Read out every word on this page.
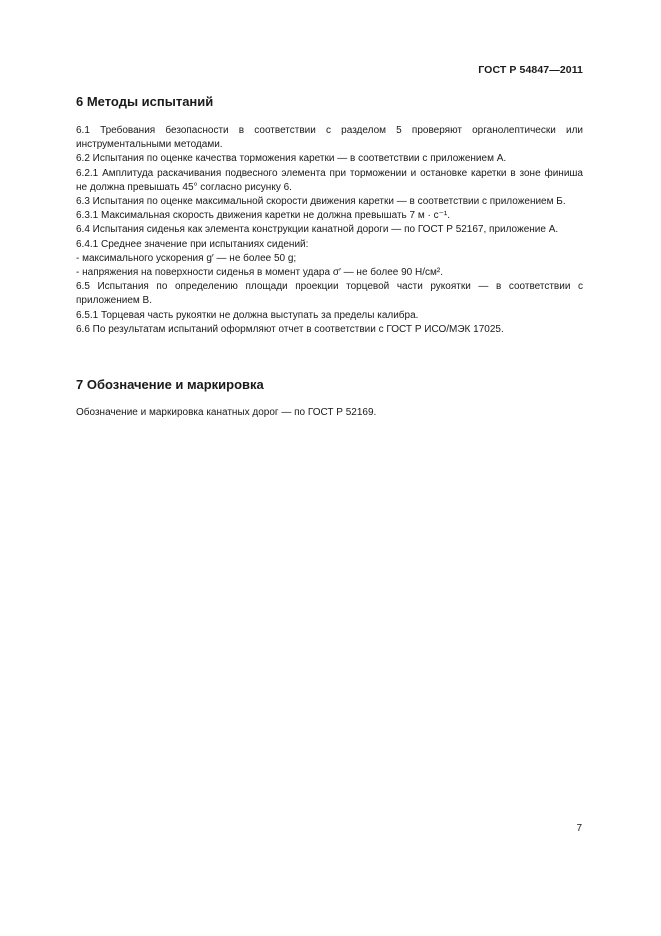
ГОСТ Р 54847—2011
6 Методы испытаний

6.1 Требования безопасности в соответствии с разделом 5 проверяют органолептически или инструментальными методами.

6.2 Испытания по оценке качества торможения каретки — в соответствии с приложением А.

6.2.1 Амплитуда раскачивания подвесного элемента при торможении и остановке каретки в зоне финиша не должна превышать 45° согласно рисунку 6.

6.3 Испытания по оценке максимальной скорости движения каретки — в соответствии с приложением Б.

6.3.1 Максимальная скорость движения каретки не должна превышать 7 м · с⁻¹.

6.4 Испытания сиденья как элемента конструкции канатной дороги — по ГОСТ Р 52167, приложение А.

6.4.1 Среднее значение при испытаниях сидений:

- максимального ускорения g′ — не более 50 g;

- напряжения на поверхности сиденья в момент удара σ′ — не более 90 Н/см².

6.5 Испытания по определению площади проекции торцевой части рукоятки — в соответствии с приложением В.

6.5.1 Торцевая часть рукоятки не должна выступать за пределы калибра.

6.6 По результатам испытаний оформляют отчет в соответствии с ГОСТ Р ИСО/МЭК 17025.

7 Обозначение и маркировка

Обозначение и маркировка канатных дорог — по ГОСТ Р 52169.

7
